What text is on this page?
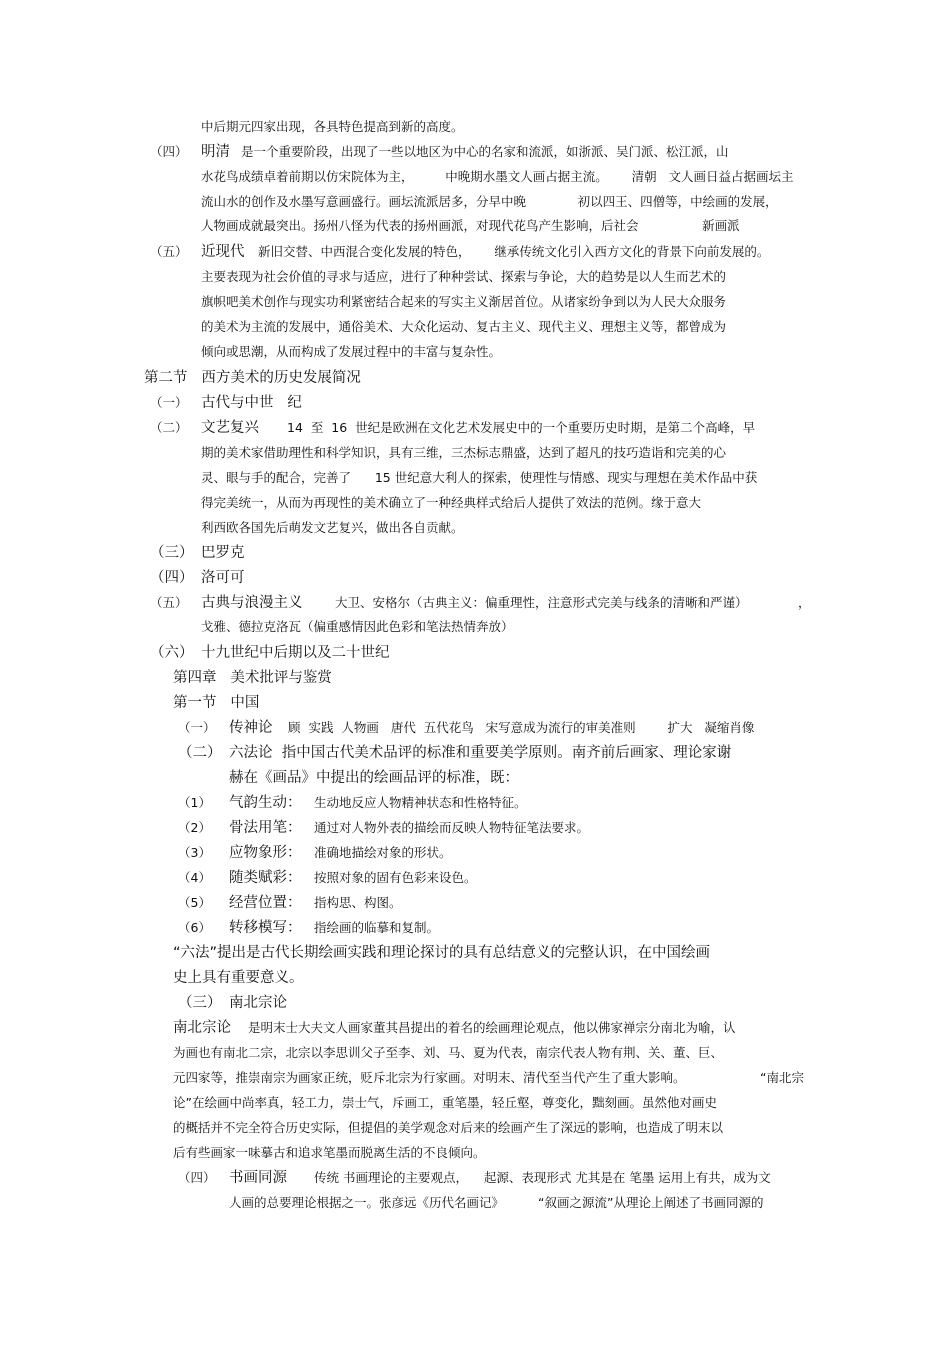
中后期元四家出现，各具特色提高到新的高度。
（四） 明清 是一个重要阶段，出现了一些以地区为中心的名家和流派，如浙派、吴门派、松江派，山
水花鸟成绩卓着前期以仿宋院体为主，        中晚期水墨文人画占据主流。      清朝   文人画日益占据画坛主
流山水的创作及水墨写意画盛行。画坛流派居多，分早中晚             初以四王、四僧等，中绘画的发展，
人物画成就最突出。扬州八怪为代表的扬州画派，对现代花鸟产生影响，后社会                新画派
（五） 近现代 新旧交替、中西混合变化发展的特色，      继承传统文化引入西方文化的背景下向前发展的。
主要表现为社会价值的寻求与适应，进行了种种尝试、探索与争论，大的趋势是以人生而艺术的
旗帜吧美术创作与现实功利紧密结合起来的写实主义渐居首位。从诸家纷争到以为人民大众服务
的美术为主流的发展中，通俗美术、大众化运动、复古主义、现代主义、理想主义等，都曾成为
倾向或思潮，从而构成了发展过程中的丰富与复杂性。
第二节   西方美术的历史发展简况
（一） 古代与中世   纪
（二） 文艺复兴 14  至  16  世纪是欧洲在文化艺术发展史中的一个重要历史时期，是第二个高峰，早
期的美术家借助理性和科学知识，具有三维，三杰标志鼎盛，达到了超凡的技巧造诣和完美的心
灵、眼与手的配合，完善了      15 世纪意大利人的探索，使理性与情感、现实与理想在美术作品中获
得完美统一，从而为再现性的美术确立了一种经典样式给后人提供了效法的范例。缘于意大
利西欧各国先后萌发文艺复兴，做出各自贡献。
（三） 巴罗克
（四） 洛可可
（五） 古典与浪漫主义	大卫、安格尔（古典主义：偏重理性，注意形式完美与线条的清晰和严谨）	，
戈雅、德拉克洛瓦（偏重感情因此色彩和笔法热情奔放）
（六） 十九世纪中后期以及二十世纪
第四章   美术批评与鉴赏
第一节   中国
（一） 传神论 顾  实践  人物画   唐代  五代花鸟   宋写意成为流行的审美准则        扩大   凝缩肖像
（二） 六法论  指中国古代美术品评的标准和重要美学原则。南齐前后画家、理论家谢
赫在《画品》中提出的绘画品评的标准，既：
（1） 气韵生动： 生动地反应人物精神状态和性格特征。
（2） 骨法用笔： 通过对人物外表的描绘而反映人物特征笔法要求。
（3） 应物象形： 准确地描绘对象的形状。
（4） 随类赋彩： 按照对象的固有色彩来设色。
（5） 经营位置： 指构思、构图。
（6） 转移模写： 指绘画的临摹和复制。
“六法”提出是古代长期绘画实践和理论探讨的具有总结意义的完整认识，在中国绘画
史上具有重要意义。
（三） 南北宗论
南北宗论 是明末士大夫文人画家董其昌提出的着名的绘画理论观点，他以佛家禅宗分南北为喻，认
为画也有南北二宗，北宗以李思训父子至李、刘、马、夏为代表，南宗代表人物有荆、关、董、巨、
元四家等，推崇南宗为画家正统，贬斥北宗为行家画。对明末、清代至当代产生了重大影响。	“南北宗
论”在绘画中尚率真，轻工力，崇士气，斥画工，重笔墨，轻丘壑，尊变化，黜刻画。虽然他对画史
的概括并不完全符合历史实际，但提倡的美学观念对后来的绘画产生了深远的影响，也造成了明末以
后有些画家一味摹古和追求笔墨而脱离生活的不良倾向。
（四） 书画同源 传统 书画理论的主要观点，    起源、表现形式 尤其是在 笔墨 运用上有共，成为文
人画的总要理论根据之一。张彦远《历代名画记》	“叙画之源流”从理论上阐述了书画同源的
